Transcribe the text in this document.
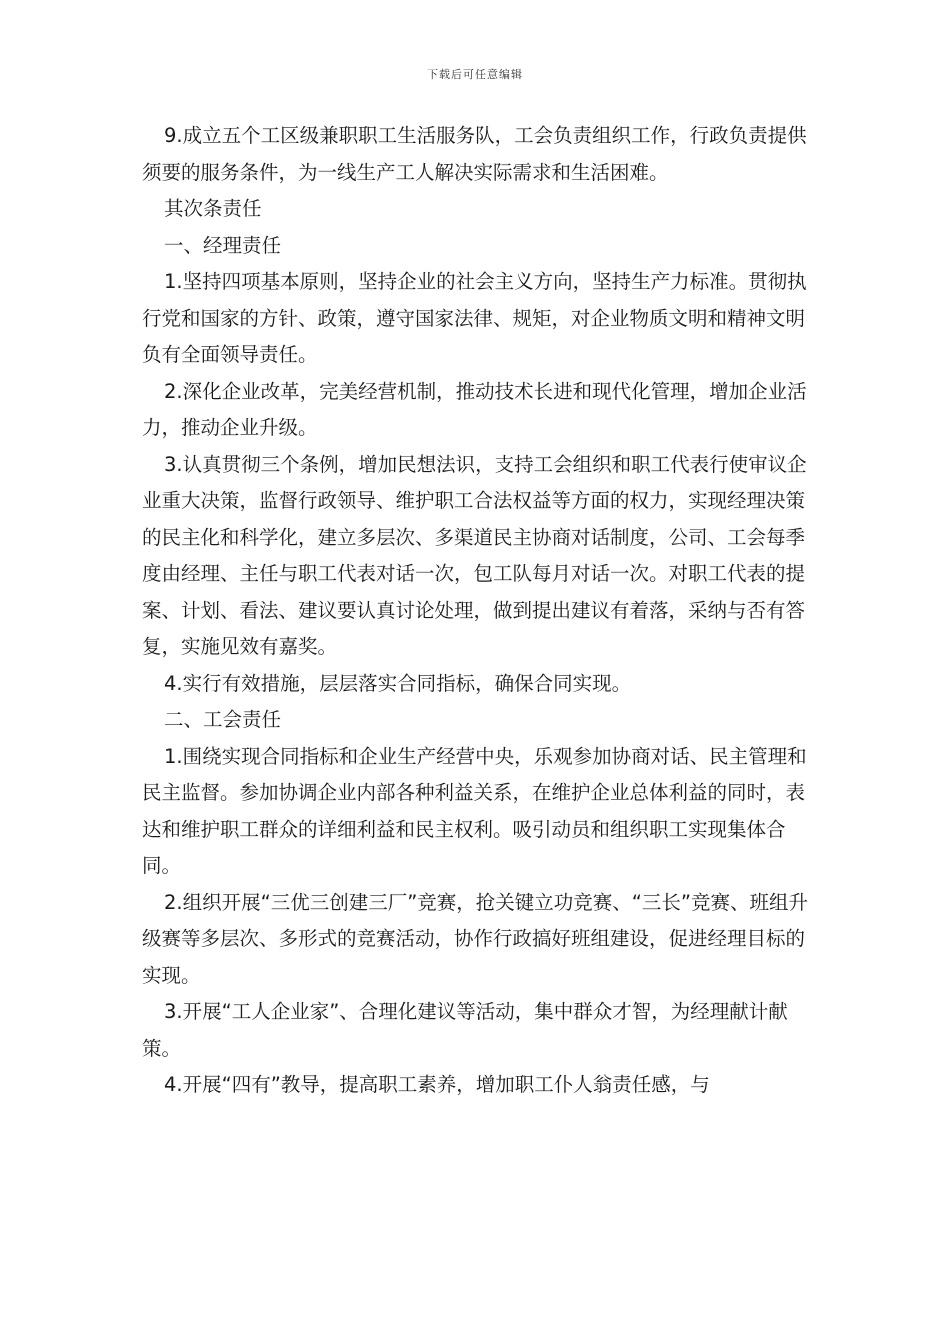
下载后可任意编辑

9.成立五个工区级兼职职工生活服务队，工会负责组织工作，行政负责提供须要的服务条件，为一线生产工人解决实际需求和生活困难。

其次条责任

一、经理责任

1.坚持四项基本原则，坚持企业的社会主义方向，坚持生产力标准。贯彻执行党和国家的方针、政策，遵守国家法律、规矩，对企业物质文明和精神文明负有全面领导责任。

2.深化企业改革，完美经营机制，推动技术长进和现代化管理，增加企业活力，推动企业升级。

3.认真贯彻三个条例，增加民想法识，支持工会组织和职工代表行使审议企业重大决策，监督行政领导、维护职工合法权益等方面的权力，实现经理决策的民主化和科学化，建立多层次、多渠道民主协商对话制度，公司、工会每季度由经理、主任与职工代表对话一次，包工队每月对话一次。对职工代表的提案、计划、看法、建议要认真讨论处理，做到提出建议有着落，采纳与否有答复，实施见效有嘉奖。

4.实行有效措施，层层落实合同指标，确保合同实现。

二、工会责任

1.围绕实现合同指标和企业生产经营中央，乐观参加协商对话、民主管理和民主监督。参加协调企业内部各种利益关系，在维护企业总体利益的同时，表达和维护职工群众的详细利益和民主权利。吸引动员和组织职工实现集体合同。

2.组织开展“三优三创建三厂”竞赛，抢关键立功竞赛、“三长”竞赛、班组升级赛等多层次、多形式的竞赛活动，协作行政搞好班组建设，促进经理目标的实现。

3.开展“工人企业家”、合理化建议等活动，集中群众才智，为经理献计献策。

4.开展“四有”教导，提高职工素养，增加职工仆人翁责任感，与
